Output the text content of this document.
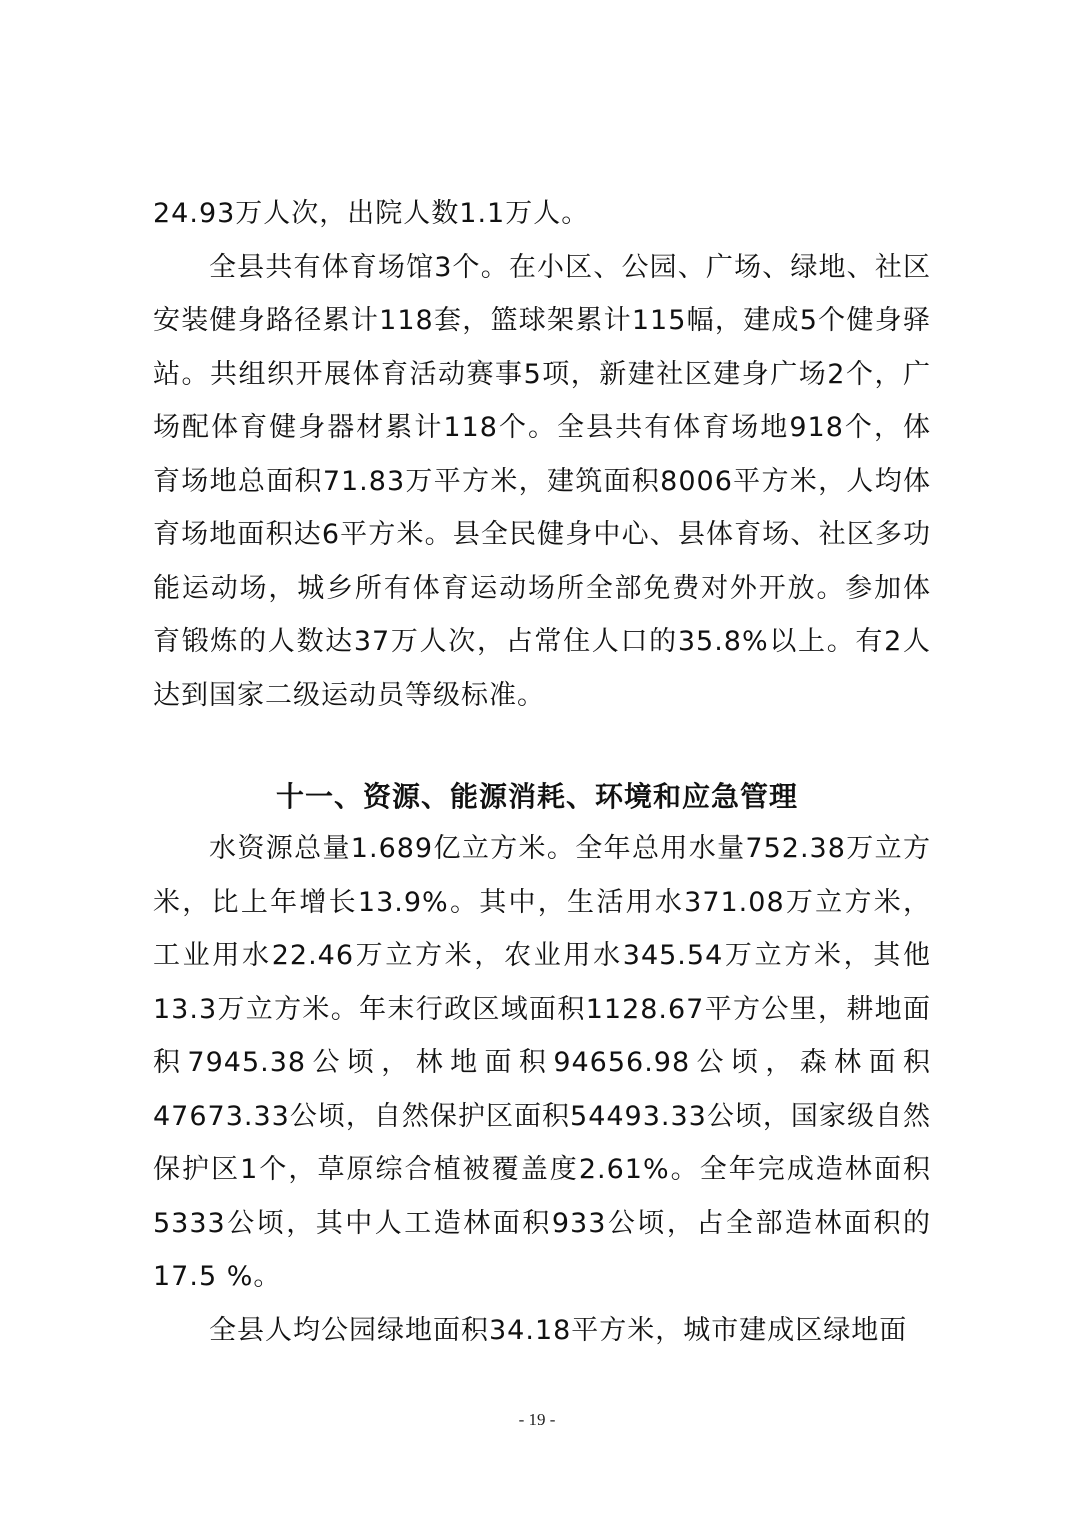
24.93万人次，出院人数1.1万人。

全县共有体育场馆3个。在小区、公园、广场、绿地、社区安装健身路径累计118套，篮球架累计115幅，建成5个健身驿站。共组织开展体育活动赛事5项，新建社区建身广场2个，广场配体育健身器材累计118个。全县共有体育场地918个，体育场地总面积71.83万平方米，建筑面积8006平方米，人均体育场地面积达6平方米。县全民健身中心、县体育场、社区多功能运动场，城乡所有体育运动场所全部免费对外开放。参加体育锻炼的人数达37万人次，占常住人口的35.8%以上。有2人达到国家二级运动员等级标准。

十一、资源、能源消耗、环境和应急管理

水资源总量1.689亿立方米。全年总用水量752.38万立方米，比上年增长13.9%。其中，生活用水371.08万立方米，工业用水22.46万立方米，农业用水345.54万立方米，其他13.3万立方米。年末行政区域面积1128.67平方公里，耕地面积7945.38公顷，林地面积94656.98公顷，森林面积47673.33公顷，自然保护区面积54493.33公顷，国家级自然保护区1个，草原综合植被覆盖度2.61%。全年完成造林面积5333公顷，其中人工造林面积933公顷，占全部造林面积的17.5 %。

全县人均公园绿地面积34.18平方米，城市建成区绿地面

- 19 -
